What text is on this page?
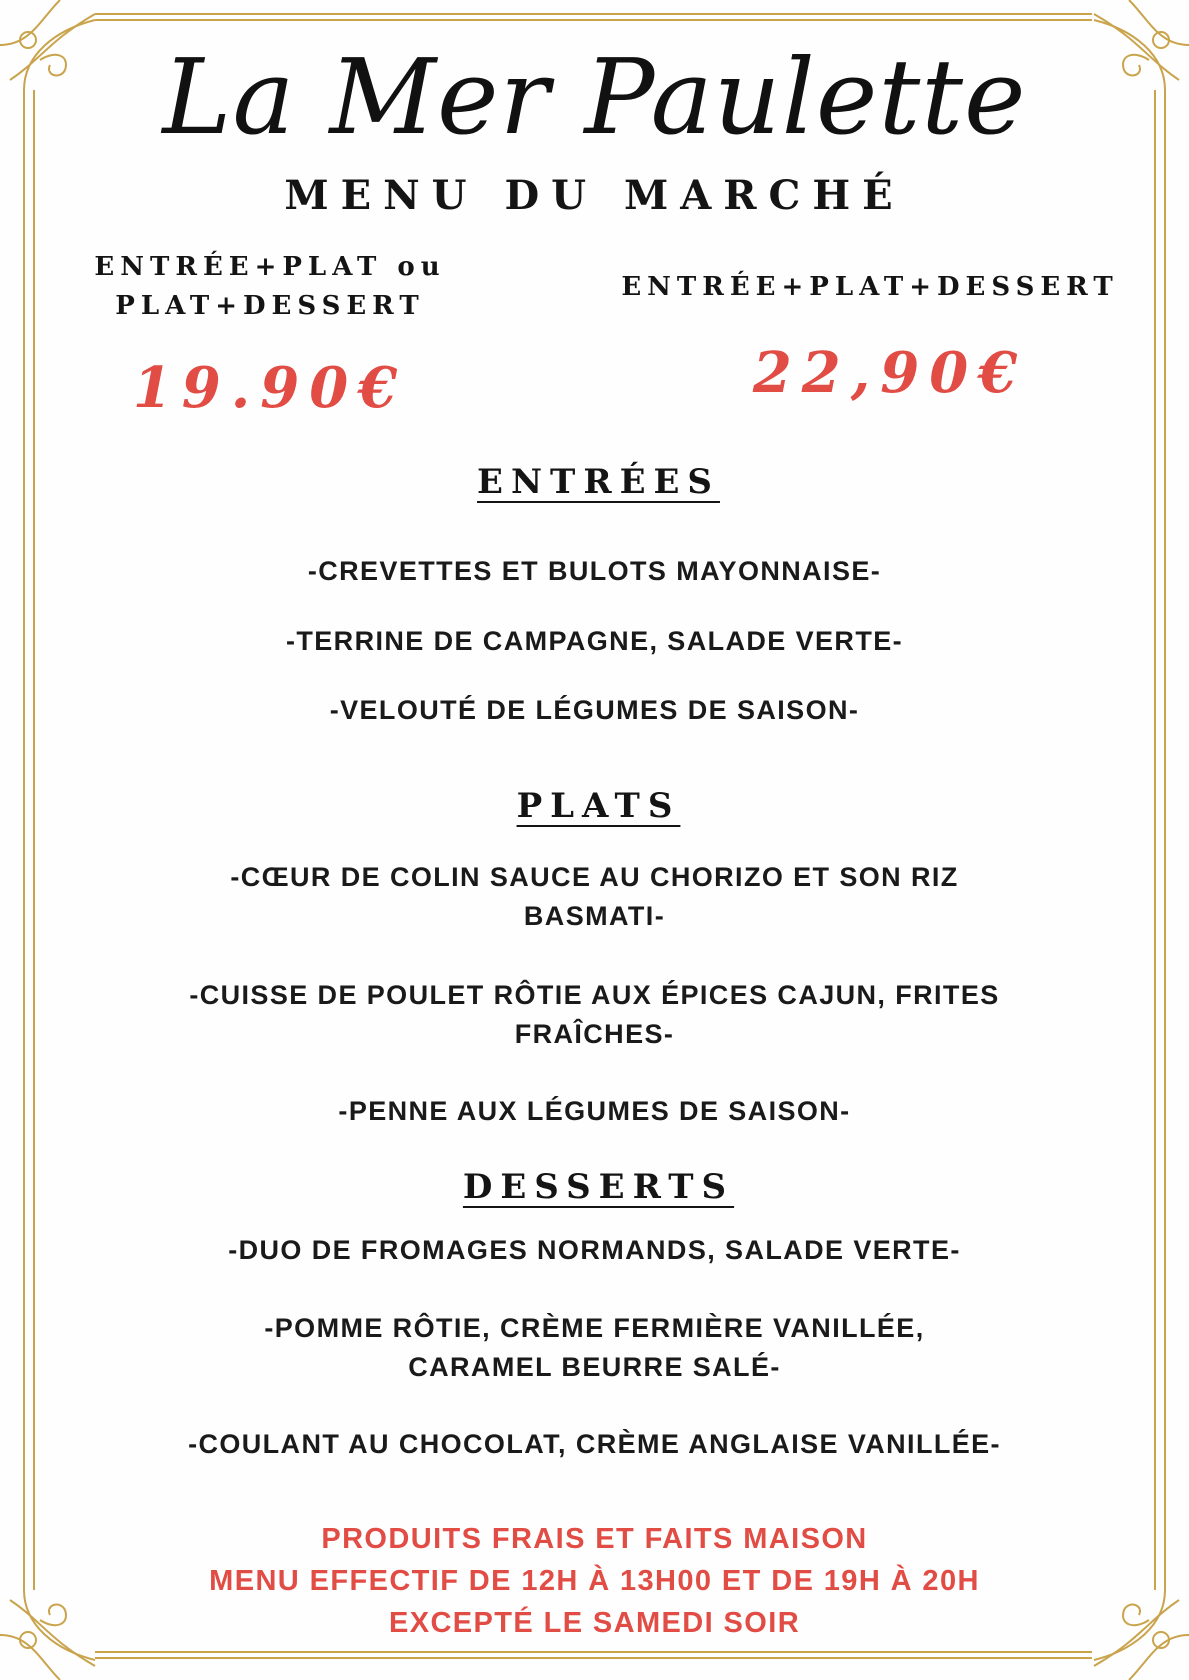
La Mer Paulette
MENU DU MARCHÉ
ENTRÉE+PLAT ou
PLAT+DESSERT
ENTRÉE+PLAT+DESSERT
19.90€	22,90€
ENTRÉES
-CREVETTES ET BULOTS MAYONNAISE-
-TERRINE DE CAMPAGNE, SALADE VERTE-
-VELOUTÉ DE LÉGUMES DE SAISON-
PLATS
-CŒUR DE COLIN SAUCE AU CHORIZO ET SON RIZ
BASMATI-
-CUISSE DE POULET RÔTIE AUX ÉPICES CAJUN, FRITES
FRAÎCHES-
-PENNE AUX LÉGUMES DE SAISON-
DESSERTS
-DUO DE FROMAGES NORMANDS, SALADE VERTE-
-POMME RÔTIE, CRÈME FERMIÈRE VANILLÉE,
CARAMEL BEURRE SALÉ-
-COULANT AU CHOCOLAT, CRÈME ANGLAISE VANILLÉE-
PRODUITS FRAIS ET FAITS MAISON
MENU EFFECTIF DE 12H À 13H00 ET DE 19H À 20H
EXCEPTÉ LE SAMEDI SOIR
